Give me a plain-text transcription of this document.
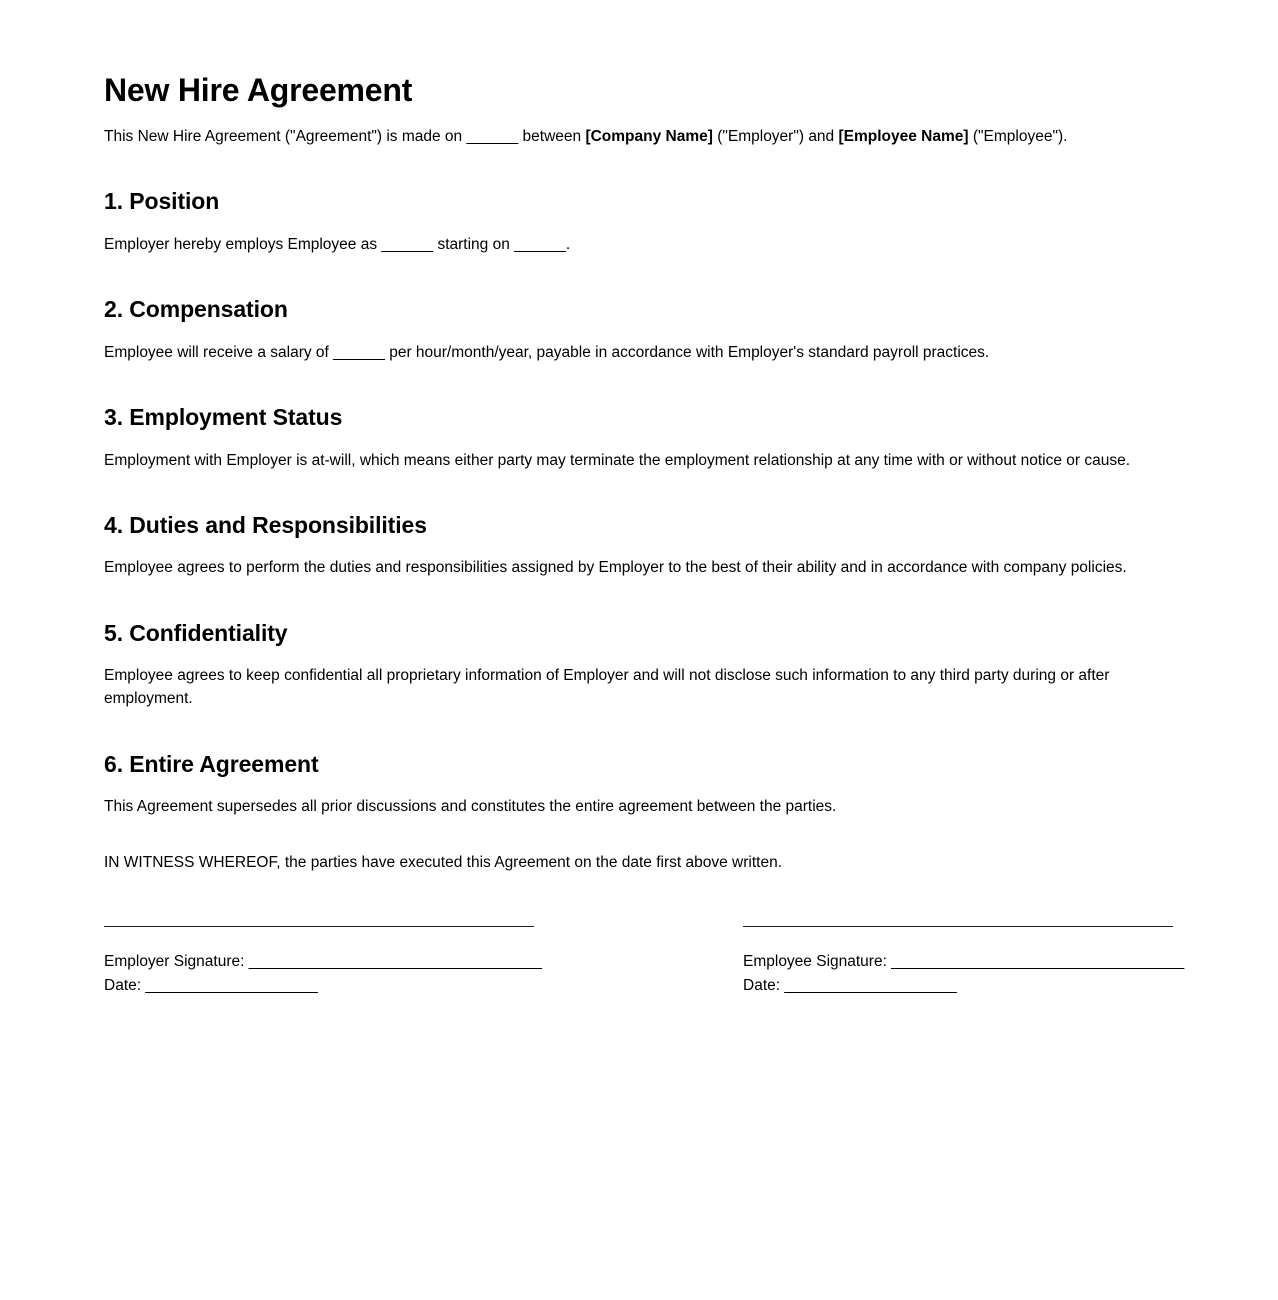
New Hire Agreement

This New Hire Agreement ("Agreement") is made on ______ between [Company Name] ("Employer") and [Employee Name] ("Employee").

1. Position

Employer hereby employs Employee as ______ starting on ______.

2. Compensation

Employee will receive a salary of ______ per hour/month/year, payable in accordance with Employer's standard payroll practices.

3. Employment Status

Employment with Employer is at-will, which means either party may terminate the employment relationship at any time with or without notice or cause.

4. Duties and Responsibilities

Employee agrees to perform the duties and responsibilities assigned by Employer to the best of their ability and in accordance with company policies.

5. Confidentiality

Employee agrees to keep confidential all proprietary information of Employer and will not disclose such information to any third party during or after employment.

6. Entire Agreement

This Agreement supersedes all prior discussions and constitutes the entire agreement between the parties.

IN WITNESS WHEREOF, the parties have executed this Agreement on the date first above written.

Employer Signature: __________________________________

Date: ____________________

Employee Signature: __________________________________

Date: ____________________
